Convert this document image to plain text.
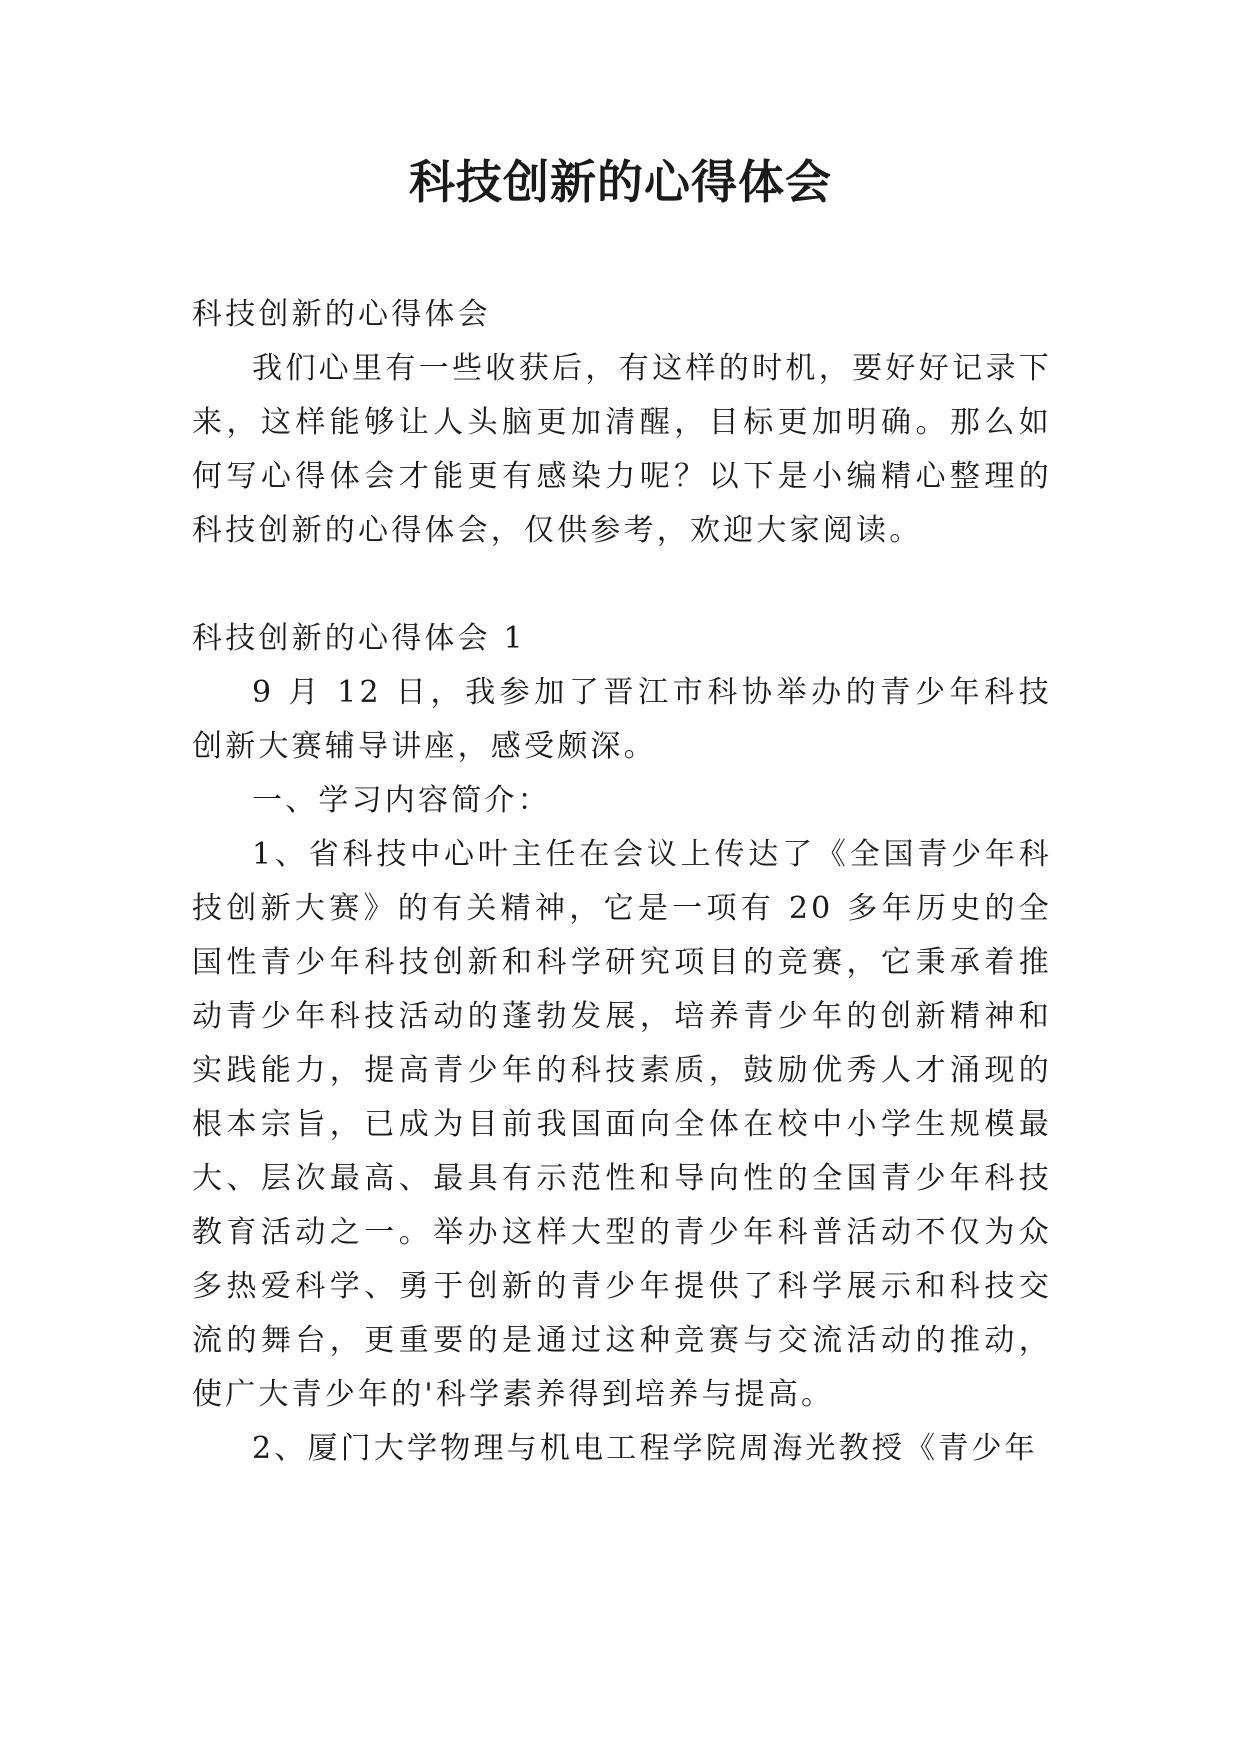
科技创新的心得体会

科技创新的心得体会

我们心里有一些收获后，有这样的时机，要好好记录下来，这样能够让人头脑更加清醒，目标更加明确。那么如何写心得体会才能更有感染力呢？以下是小编精心整理的科技创新的心得体会，仅供参考，欢迎大家阅读。

科技创新的心得体会 1

9 月 12 日，我参加了晋江市科协举办的青少年科技创新大赛辅导讲座，感受颇深。

一、学习内容简介：

1、省科技中心叶主任在会议上传达了《全国青少年科技创新大赛》的有关精神，它是一项有 20 多年历史的全国性青少年科技创新和科学研究项目的竞赛，它秉承着推动青少年科技活动的蓬勃发展，培养青少年的创新精神和实践能力，提高青少年的科技素质，鼓励优秀人才涌现的根本宗旨，已成为目前我国面向全体在校中小学生规模最大、层次最高、最具有示范性和导向性的全国青少年科技教育活动之一。举办这样大型的青少年科普活动不仅为众多热爱科学、勇于创新的青少年提供了科学展示和科技交流的舞台，更重要的是通过这种竞赛与交流活动的推动，使广大青少年的'科学素养得到培养与提高。

2、厦门大学物理与机电工程学院周海光教授《青少年
